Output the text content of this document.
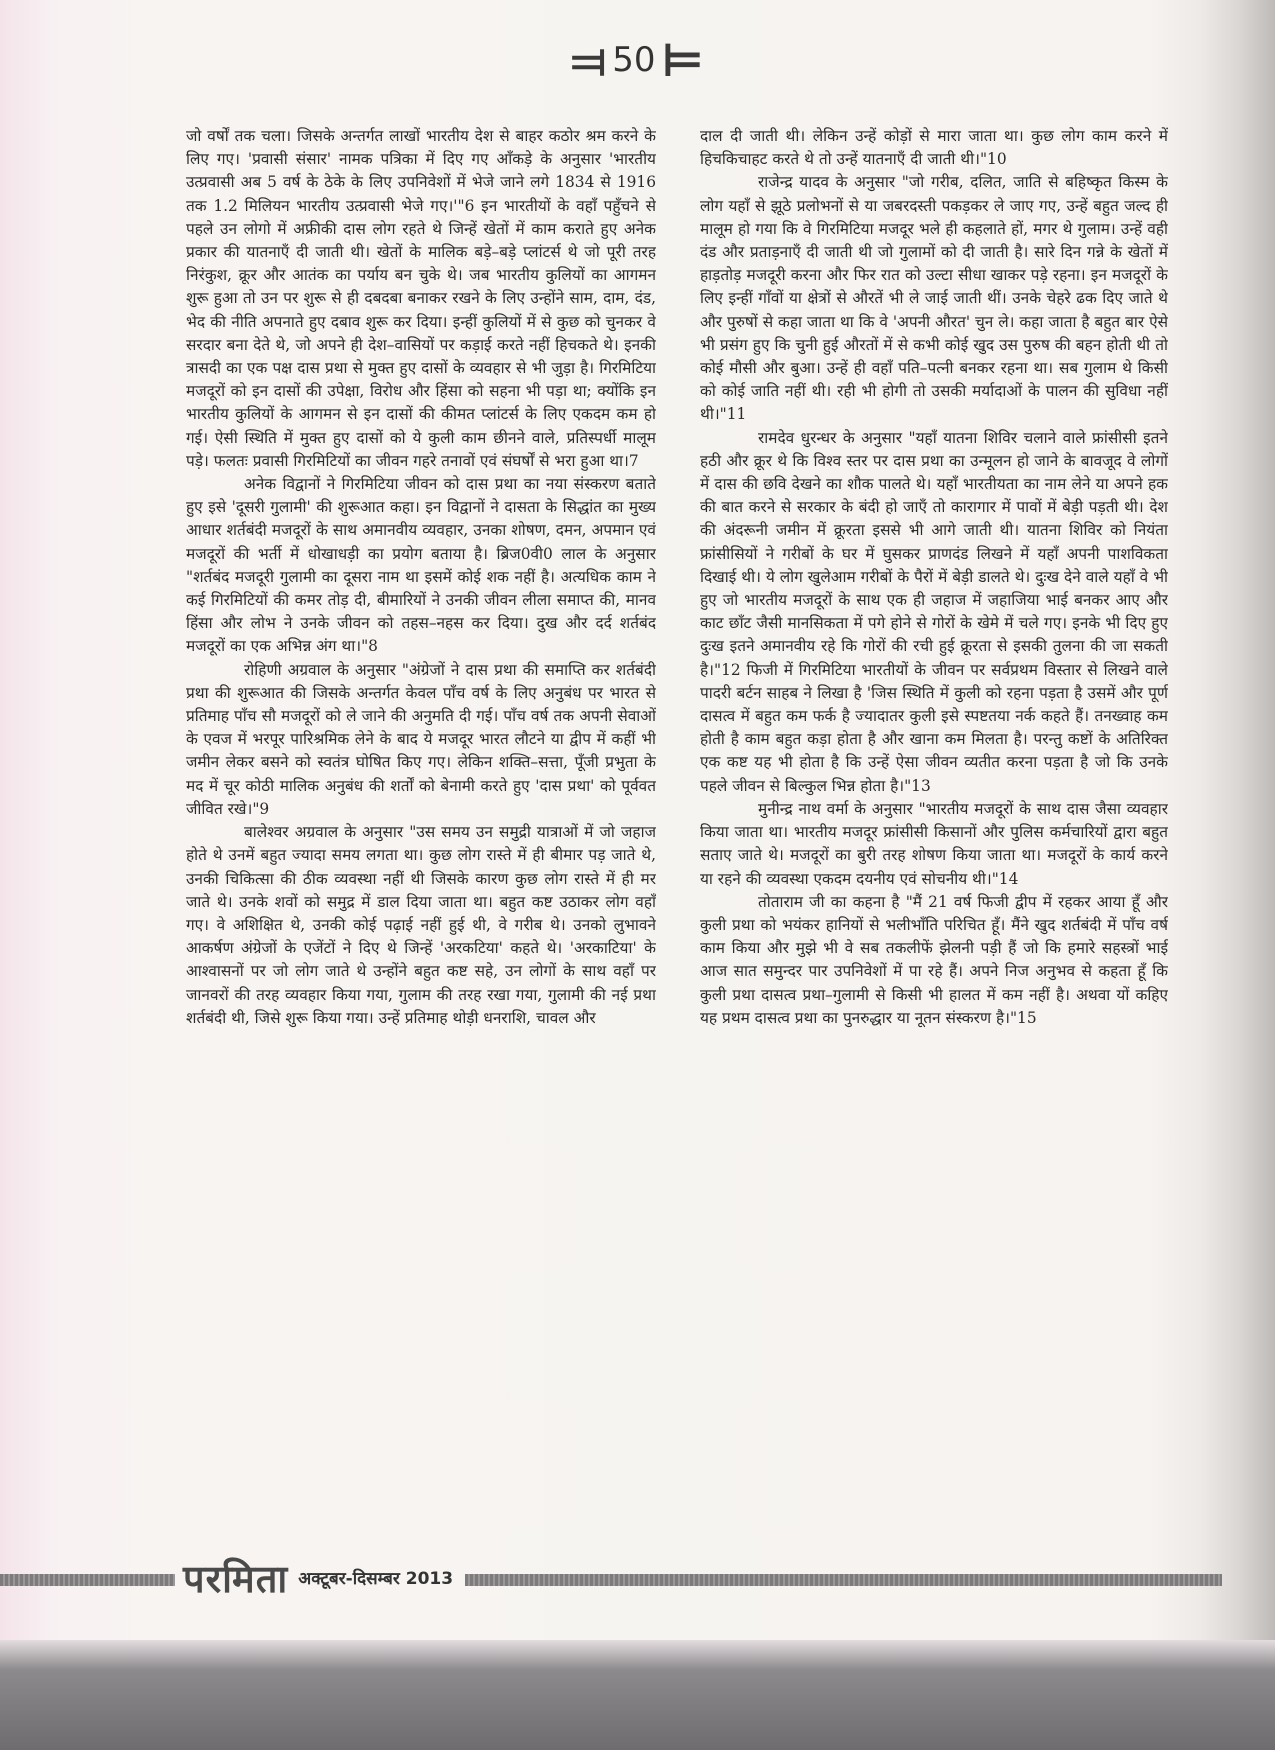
⫤ 50 ⊨

जो वर्षों तक चला। जिसके अन्तर्गत लाखों भारतीय देश से बाहर कठोर श्रम करने के लिए गए। 'प्रवासी संसार' नामक पत्रिका में दिए गए आँकड़े के अनुसार 'भारतीय उत्प्रवासी अब 5 वर्ष के ठेके के लिए उपनिवेशों में भेजे जाने लगे 1834 से 1916 तक 1.2 मिलियन भारतीय उत्प्रवासी भेजे गए।'"6 इन भारतीयों के वहाँ पहुँचने से पहले उन लोगो में अफ्रीकी दास लोग रहते थे जिन्हें खेतों में काम कराते हुए अनेक प्रकार की यातनाएँ दी जाती थी। खेतों के मालिक बड़े–बड़े प्लांटर्स थे जो पूरी तरह निरंकुश, क्रूर और आतंक का पर्याय बन चुके थे। जब भारतीय कुलियों का आगमन शुरू हुआ तो उन पर शुरू से ही दबदबा बनाकर रखने के लिए उन्होंने साम, दाम, दंड, भेद की नीति अपनाते हुए दबाव शुरू कर दिया। इन्हीं कुलियों में से कुछ को चुनकर वे सरदार बना देते थे, जो अपने ही देश–वासियों पर कड़ाई करते नहीं हिचकते थे। इनकी त्रासदी का एक पक्ष दास प्रथा से मुक्त हुए दासों के व्यवहार से भी जुड़ा है। गिरमिटिया मजदूरों को इन दासों की उपेक्षा, विरोध और हिंसा को सहना भी पड़ा था; क्योंकि इन भारतीय कुलियों के आगमन से इन दासों की कीमत प्लांटर्स के लिए एकदम कम हो गई। ऐसी स्थिति में मुक्त हुए दासों को ये कुली काम छीनने वाले, प्रतिस्पर्धी मालूम पड़े। फलतः प्रवासी गिरमिटियों का जीवन गहरे तनावों एवं संघर्षों से भरा हुआ था।7

अनेक विद्वानों ने गिरमिटिया जीवन को दास प्रथा का नया संस्करण बताते हुए इसे 'दूसरी गुलामी' की शुरूआत कहा। इन विद्वानों ने दासता के सिद्धांत का मुख्य आधार शर्तबंदी मजदूरों के साथ अमानवीय व्यवहार, उनका शोषण, दमन, अपमान एवं मजदूरों की भर्ती में धोखाधड़ी का प्रयोग बताया है। ब्रिज0वी0 लाल के अनुसार "शर्तबंद मजदूरी गुलामी का दूसरा नाम था इसमें कोई शक नहीं है। अत्यधिक काम ने कई गिरमिटियों की कमर तोड़ दी, बीमारियों ने उनकी जीवन लीला समाप्त की, मानव हिंसा और लोभ ने उनके जीवन को तहस–नहस कर दिया। दुख और दर्द शर्तबंद मजदूरों का एक अभिन्न अंग था।"8

रोहिणी अग्रवाल के अनुसार "अंग्रेजों ने दास प्रथा की समाप्ति कर शर्तबंदी प्रथा की शुरूआत की जिसके अन्तर्गत केवल पाँच वर्ष के लिए अनुबंध पर भारत से प्रतिमाह पाँच सौ मजदूरों को ले जाने की अनुमति दी गई। पाँच वर्ष तक अपनी सेवाओं के एवज में भरपूर पारिश्रमिक लेने के बाद ये मजदूर भारत लौटने या द्वीप में कहीं भी जमीन लेकर बसने को स्वतंत्र घोषित किए गए। लेकिन शक्ति–सत्ता, पूँजी प्रभुता के मद में चूर कोठी मालिक अनुबंध की शर्तों को बेनामी करते हुए 'दास प्रथा' को पूर्ववत जीवित रखे।"9

बालेश्वर अग्रवाल के अनुसार "उस समय उन समुद्री यात्राओं में जो जहाज होते थे उनमें बहुत ज्यादा समय लगता था। कुछ लोग रास्ते में ही बीमार पड़ जाते थे, उनकी चिकित्सा की ठीक व्यवस्था नहीं थी जिसके कारण कुछ लोग रास्ते में ही मर जाते थे। उनके शवों को समुद्र में डाल दिया जाता था। बहुत कष्ट उठाकर लोग वहाँ गए। वे अशिक्षित थे, उनकी कोई पढ़ाई नहीं हुई थी, वे गरीब थे। उनको लुभावने आकर्षण अंग्रेजों के एजेंटों ने दिए थे जिन्हें 'अरकटिया' कहते थे। 'अरकाटिया' के आश्वासनों पर जो लोग जाते थे उन्होंने बहुत कष्ट सहे, उन लोगों के साथ वहाँ पर जानवरों की तरह व्यवहार किया गया, गुलाम की तरह रखा गया, गुलामी की नई प्रथा शर्तबंदी थी, जिसे शुरू किया गया। उन्हें प्रतिमाह थोड़ी धनराशि, चावल और

दाल दी जाती थी। लेकिन उन्हें कोड़ों से मारा जाता था। कुछ लोग काम करने में हिचकिचाहट करते थे तो उन्हें यातनाएँ दी जाती थी।"10

राजेन्द्र यादव के अनुसार "जो गरीब, दलित, जाति से बहिष्कृत किस्म के लोग यहाँ से झूठे प्रलोभनों से या जबरदस्ती पकड़कर ले जाए गए, उन्हें बहुत जल्द ही मालूम हो गया कि वे गिरमिटिया मजदूर भले ही कहलाते हों, मगर थे गुलाम। उन्हें वही दंड और प्रताड़नाएँ दी जाती थी जो गुलामों को दी जाती है। सारे दिन गन्ने के खेतों में हाड़तोड़ मजदूरी करना और फिर रात को उल्टा सीधा खाकर पड़े रहना। इन मजदूरों के लिए इन्हीं गाँवों या क्षेत्रों से औरतें भी ले जाई जाती थीं। उनके चेहरे ढक दिए जाते थे और पुरुषों से कहा जाता था कि वे 'अपनी औरत' चुन ले। कहा जाता है बहुत बार ऐसे भी प्रसंग हुए कि चुनी हुई औरतों में से कभी कोई खुद उस पुरुष की बहन होती थी तो कोई मौसी और बुआ। उन्हें ही वहाँ पति–पत्नी बनकर रहना था। सब गुलाम थे किसी को कोई जाति नहीं थी। रही भी होगी तो उसकी मर्यादाओं के पालन की सुविधा नहीं थी।"11

रामदेव धुरन्धर के अनुसार "यहाँ यातना शिविर चलाने वाले फ्रांसीसी इतने हठी और क्रूर थे कि विश्व स्तर पर दास प्रथा का उन्मूलन हो जाने के बावजूद वे लोगों में दास की छवि देखने का शौक पालते थे। यहाँ भारतीयता का नाम लेने या अपने हक की बात करने से सरकार के बंदी हो जाएँ तो कारागार में पावों में बेड़ी पड़ती थी। देश की अंदरूनी जमीन में क्रूरता इससे भी आगे जाती थी। यातना शिविर को नियंता फ्रांसीसियों ने गरीबों के घर में घुसकर प्राणदंड लिखने में यहाँ अपनी पाशविकता दिखाई थी। ये लोग खुलेआम गरीबों के पैरों में बेड़ी डालते थे। दुःख देने वाले यहाँ वे भी हुए जो भारतीय मजदूरों के साथ एक ही जहाज में जहाजिया भाई बनकर आए और काट छाँट जैसी मानसिकता में पगे होने से गोरों के खेमे में चले गए। इनके भी दिए हुए दुःख इतने अमानवीय रहे कि गोरों की रची हुई क्रूरता से इसकी तुलना की जा सकती है।"12 फिजी में गिरमिटिया भारतीयों के जीवन पर सर्वप्रथम विस्तार से लिखने वाले पादरी बर्टन साहब ने लिखा है 'जिस स्थिति में कुली को रहना पड़ता है उसमें और पूर्ण दासत्व में बहुत कम फर्क है ज्यादातर कुली इसे स्पष्टतया नर्क कहते हैं। तनख्वाह कम होती है काम बहुत कड़ा होता है और खाना कम मिलता है। परन्तु कष्टों के अतिरिक्त एक कष्ट यह भी होता है कि उन्हें ऐसा जीवन व्यतीत करना पड़ता है जो कि उनके पहले जीवन से बिल्कुल भिन्न होता है।"13

मुनीन्द्र नाथ वर्मा के अनुसार "भारतीय मजदूरों के साथ दास जैसा व्यवहार किया जाता था। भारतीय मजदूर फ्रांसीसी किसानों और पुलिस कर्मचारियों द्वारा बहुत सताए जाते थे। मजदूरों का बुरी तरह शोषण किया जाता था। मजदूरों के कार्य करने या रहने की व्यवस्था एकदम दयनीय एवं सोचनीय थी।"14

तोताराम जी का कहना है "मैं 21 वर्ष फिजी द्वीप में रहकर आया हूँ और कुली प्रथा को भयंकर हानियों से भलीभाँति परिचित हूँ। मैंने खुद शर्तबंदी में पाँच वर्ष काम किया और मुझे भी वे सब तकलीफें झेलनी पड़ी हैं जो कि हमारे सहस्त्रों भाई आज सात समुन्दर पार उपनिवेशों में पा रहे हैं। अपने निज अनुभव से कहता हूँ कि कुली प्रथा दासत्व प्रथा–गुलामी से किसी भी हालत में कम नहीं है। अथवा यों कहिए यह प्रथम दासत्व प्रथा का पुनरुद्धार या नूतन संस्करण है।"15

परमिता अक्टूबर-दिसम्बर 2013
